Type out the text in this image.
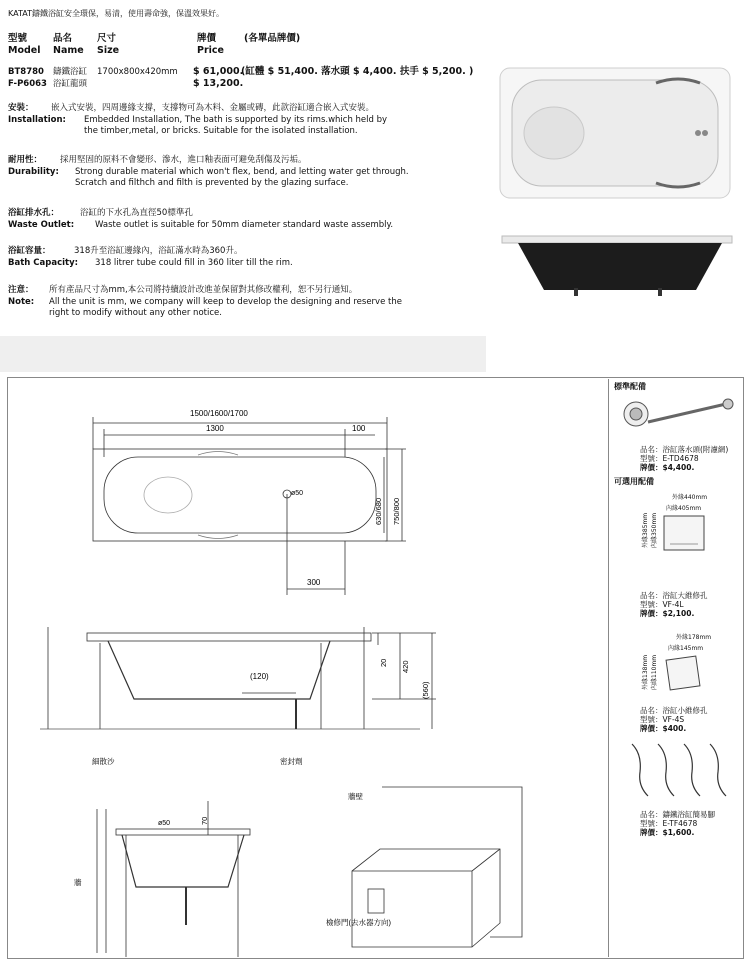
KATAT鑄鐵浴缸安全環保，易清，使用壽命強，保溫效果好。
型號	品名	尺寸	牌價	(各單品牌價)
Model Name Size	Price
BT8780 鑄鐵浴缸 1700x800x420mm $ 61,000.
(缸體 $ 51,400. 落水頭 $ 4,400. 扶手 $ 5,200. )
F-P6063 浴缸龍頭	$ 13,200.
安裝： 嵌入式安裝，四周邊緣支撐，支撐物可為木料、金屬或磚，此款浴缸適合嵌入式安裝。
Installation: Embedded Installation, The bath is supported by its rims.which held by
the timber,metal, or bricks. Suitable for the isolated installation.
耐用性： 採用堅固的原料不會變形、滲水，進口釉表面可避免刮傷及污垢。
Durability: Strong durable material which won't flex, bend, and letting water get through.
Scratch and filthch and filth is prevented by the glazing surface.
浴缸排水孔： 浴缸的下水孔為直徑50標準孔
Waste Outlet: Waste outlet is suitable for 50mm diameter standard waste assembly.
浴缸容量：	318升至浴缸邊緣內，浴缸滿水時為360升。
Bath Capacity: 318 litrer tube could fill in 360 liter till the rim.
注意： 所有產品尺寸為mm,本公司將持續設計改進並保留對其修改權利，恕不另行通知。
Note: All the unit is mm, we company will keep to develop the designing and reserve the
right to modify without any other notice.
1500/1600/1700
1300	100
ø50
630/680 750/800
300
(120)
20 420
(560)
細散沙	密封劑
牆壁
牆
檢修門(去水器方向)
ø50	70
標準配備
品名：浴缸落水頭(附濾網)
型號：E-TD4678
牌價：$4,400.
可選用配備
外緣440mm
內緣405mm
外緣385mm 內緣350mm
品名：浴缸大維修孔
型號：VF-4L
牌價：$2,100.
外緣178mm
內緣145mm
外緣138mm 內緣110mm
品名：浴缸小維修孔
型號：VF-4S
牌價：$400.
品名：鑄鐵浴缸簡易腳
型號：E-TF4678
牌價：$1,600.
